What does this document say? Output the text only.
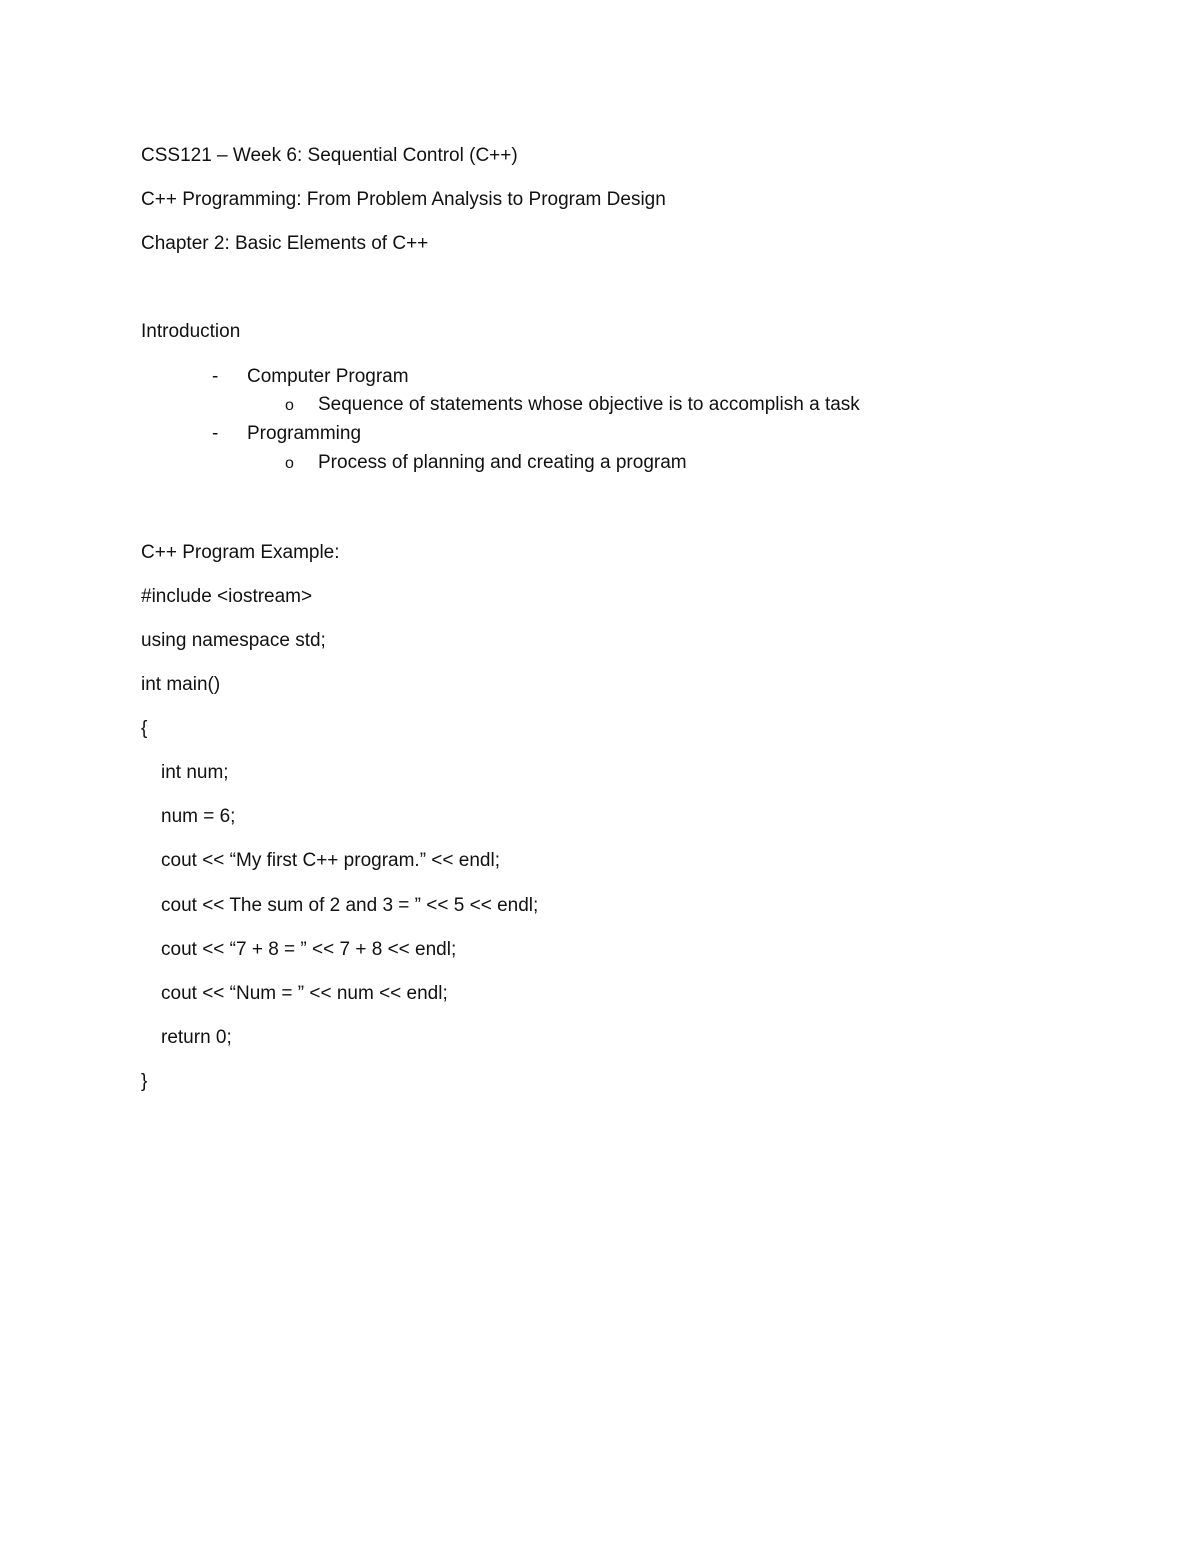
CSS121 – Week 6: Sequential Control (C++)
C++ Programming: From Problem Analysis to Program Design
Chapter 2: Basic Elements of C++
Introduction
- Computer Program
o Sequence of statements whose objective is to accomplish a task
- Programming
o Process of planning and creating a program
C++ Program Example:
#include <iostream>
using namespace std;
int main()
{
int num;
num = 6;
cout << “My first C++ program.” << endl;
cout << The sum of 2 and 3 = ” << 5 << endl;
cout << “7 + 8 = ” << 7 + 8 << endl;
cout << “Num = ” << num << endl;
return 0;
}
